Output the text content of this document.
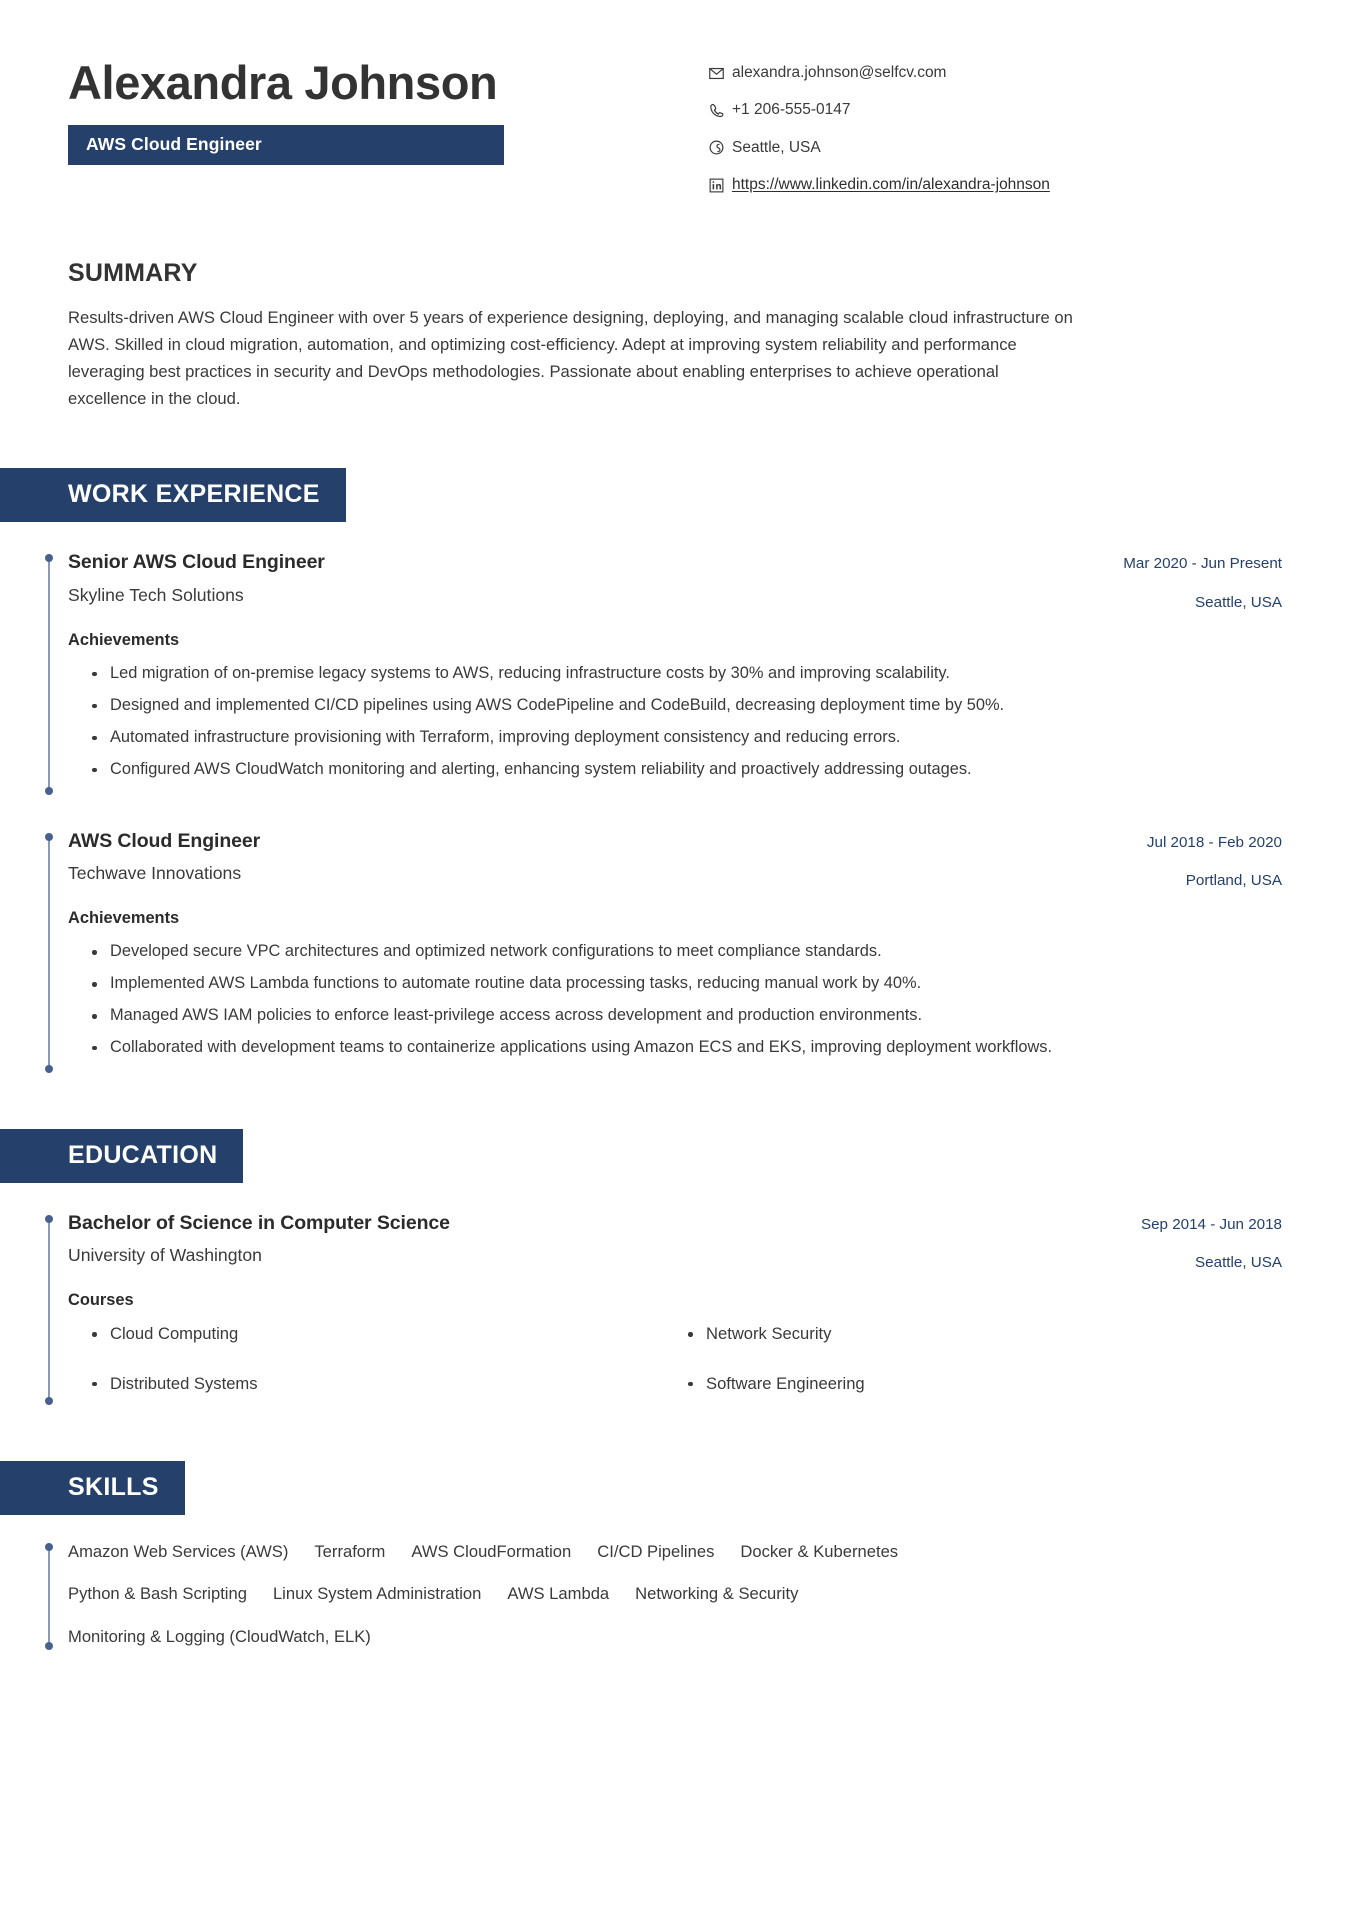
Alexandra Johnson
AWS Cloud Engineer
alexandra.johnson@selfcv.com
+1 206-555-0147
Seattle, USA
https://www.linkedin.com/in/alexandra-johnson
SUMMARY
Results-driven AWS Cloud Engineer with over 5 years of experience designing, deploying, and managing scalable cloud infrastructure on AWS. Skilled in cloud migration, automation, and optimizing cost-efficiency. Adept at improving system reliability and performance leveraging best practices in security and DevOps methodologies. Passionate about enabling enterprises to achieve operational excellence in the cloud.
WORK EXPERIENCE
Senior AWS Cloud Engineer
Skyline Tech Solutions
Mar 2020 - Jun Present
Seattle, USA
Achievements
Led migration of on-premise legacy systems to AWS, reducing infrastructure costs by 30% and improving scalability.
Designed and implemented CI/CD pipelines using AWS CodePipeline and CodeBuild, decreasing deployment time by 50%.
Automated infrastructure provisioning with Terraform, improving deployment consistency and reducing errors.
Configured AWS CloudWatch monitoring and alerting, enhancing system reliability and proactively addressing outages.
AWS Cloud Engineer
Techwave Innovations
Jul 2018 - Feb 2020
Portland, USA
Achievements
Developed secure VPC architectures and optimized network configurations to meet compliance standards.
Implemented AWS Lambda functions to automate routine data processing tasks, reducing manual work by 40%.
Managed AWS IAM policies to enforce least-privilege access across development and production environments.
Collaborated with development teams to containerize applications using Amazon ECS and EKS, improving deployment workflows.
EDUCATION
Bachelor of Science in Computer Science
University of Washington
Sep 2014 - Jun 2018
Seattle, USA
Courses
Cloud Computing	Network Security
Distributed Systems	Software Engineering
SKILLS
Amazon Web Services (AWS) Terraform AWS CloudFormation CI/CD Pipelines Docker & Kubernetes
Python & Bash Scripting Linux System Administration AWS Lambda Networking & Security
Monitoring & Logging (CloudWatch, ELK)
